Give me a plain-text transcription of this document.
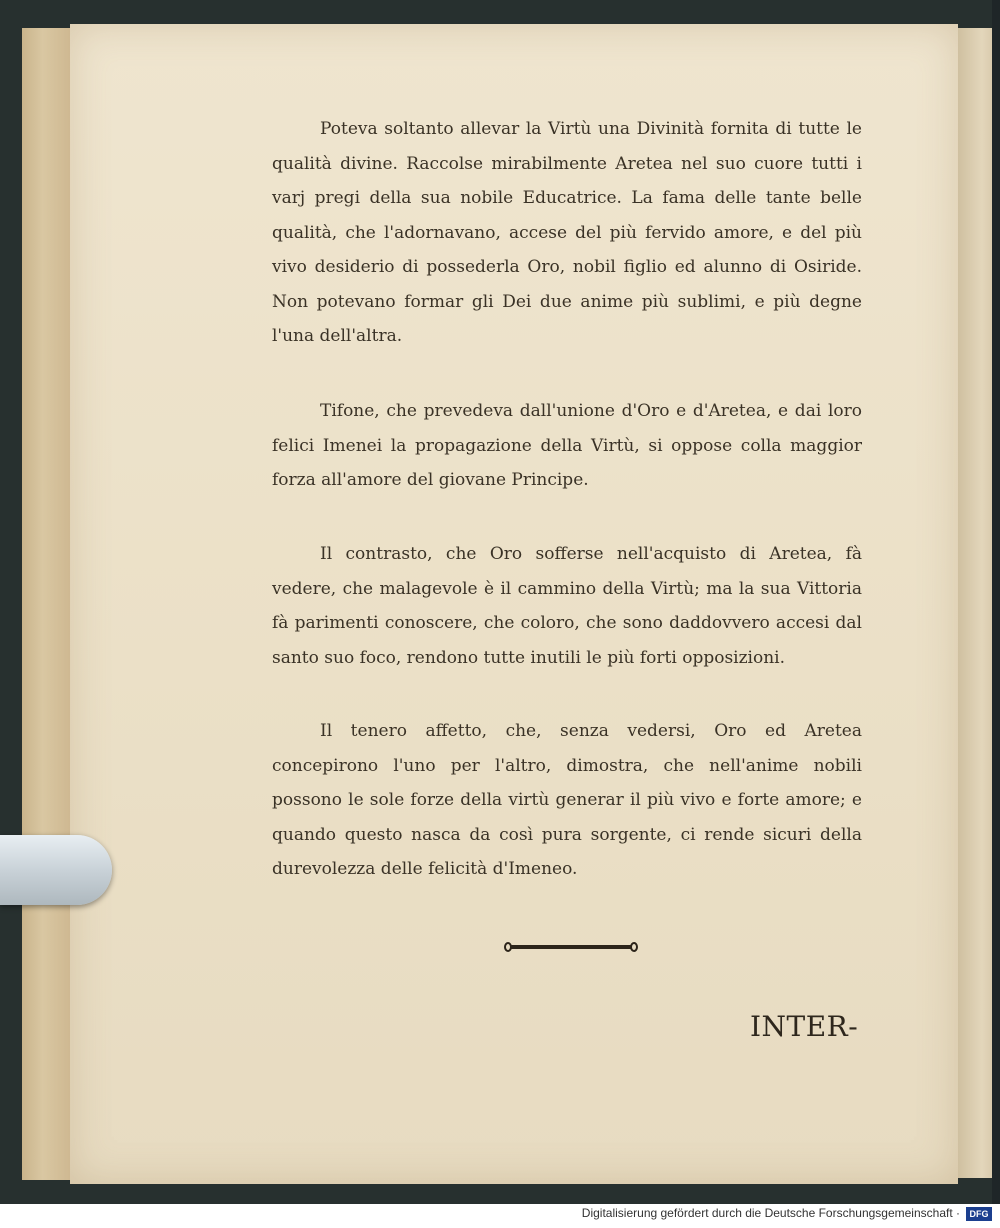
Poteva soltanto allevar la Virtù una Divinità fornita di tutte le qualità divine. Raccolse mirabilmente Aretea nel suo cuore tutti i varj pregi della sua nobile Educatrice. La fama delle tante belle qualità, che l'adornavano, accese del più fervido amore, e del più vivo desiderio di possederla Oro, nobil figlio ed alunno di Osiride. Non potevano formar gli Dei due anime più sublimi, e più degne l'una dell'altra.

Tifone, che prevedeva dall'unione d'Oro e d'Aretea, e dai loro felici Imenei la propagazione della Virtù, si oppose colla maggior forza all'amore del giovane Principe.

Il contrasto, che Oro sofferse nell'acquisto di Aretea, fà vedere, che malagevole è il cammino della Virtù; ma la sua Vittoria fà parimenti conoscere, che coloro, che sono daddovvero accesi dal santo suo foco, rendono tutte inutili le più forti opposizioni.

Il tenero affetto, che, senza vedersi, Oro ed Aretea concepirono l'uno per l'altro, dimostra, che nell'anime nobili possono le sole forze della virtù generar il più vivo e forte amore; e quando questo nasca da così pura sorgente, ci rende sicuri della durevolezza delle felicità d'Imeneo.

INTER-
Digitalisierung gefördert durch die Deutsche Forschungsgemeinschaft ·	DFG
